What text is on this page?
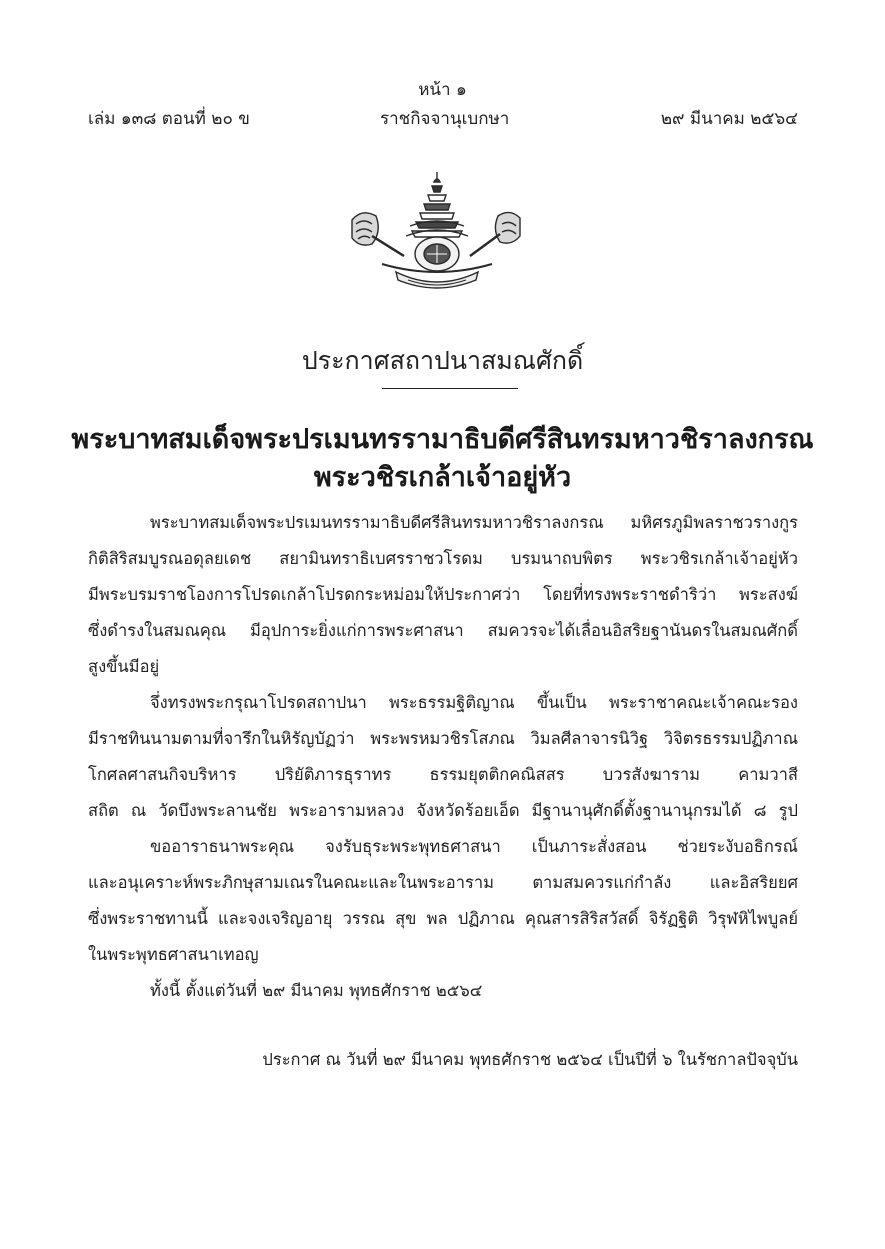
หน้า ๑
เล่ม ๑๓๘ ตอนที่ ๒๐ ข	ราชกิจจานุเบกษา	๒๙ มีนาคม ๒๕๖๔
ประกาศสถาปนาสมณศักดิ์
พระบาทสมเด็จพระปรเมนทรรามาธิบดีศรีสินทรมหาวชิราลงกรณ
พระวชิรเกล้าเจ้าอยู่หัว
พระบาทสมเด็จพระปรเมนทรรามาธิบดีศรีสินทรมหาวชิราลงกรณ มหิศรภูมิพลราชวรางกูร
กิติสิริสมบูรณอดุลยเดช สยามินทราธิเบศรราชวโรดม บรมนาถบพิตร พระวชิรเกล้าเจ้าอยู่หัว
มีพระบรมราชโองการโปรดเกล้าโปรดกระหม่อมให้ประกาศว่า โดยที่ทรงพระราชดำริว่า พระสงฆ์
ซึ่งดำรงในสมณคุณ มีอุปการะยิ่งแก่การพระศาสนา สมควรจะได้เลื่อนอิสริยฐานันดรในสมณศักดิ์
สูงขึ้นมีอยู่
จึ่งทรงพระกรุณาโปรดสถาปนา พระธรรมฐิติญาณ ขึ้นเป็น พระราชาคณะเจ้าคณะรอง
มีราชทินนามตามที่จารึกในหิรัญบัฏว่า พระพรหมวชิรโสภณ วิมลศีลาจารนิวิฐ วิจิตรธรรมปฏิภาณ
โกศลศาสนกิจบริหาร ปริยัติภารธุราทร ธรรมยุตติกคณิสสร บวรสังฆาราม คามวาสี
สถิต ณ วัดบึงพระลานชัย พระอารามหลวง จังหวัดร้อยเอ็ด มีฐานานุศักดิ์ตั้งฐานานุกรมได้ ๘ รูป
ขออาราธนาพระคุณ จงรับธุระพระพุทธศาสนา เป็นภาระสั่งสอน ช่วยระงับอธิกรณ์
และอนุเคราะห์พระภิกษุสามเณรในคณะและในพระอาราม ตามสมควรแก่กำลัง และอิสริยยศ
ซึ่งพระราชทานนี้ และจงเจริญอายุ วรรณ สุข พล ปฏิภาณ คุณสารสิริสวัสดิ์ จิรัฏฐิติ วิรุฬหิไพบูลย์
ในพระพุทธศาสนาเทอญ
ทั้งนี้ ตั้งแต่วันที่ ๒๙ มีนาคม พุทธศักราช ๒๕๖๔
ประกาศ ณ วันที่ ๒๙ มีนาคม พุทธศักราช ๒๕๖๔ เป็นปีที่ ๖ ในรัชกาลปัจจุบัน
